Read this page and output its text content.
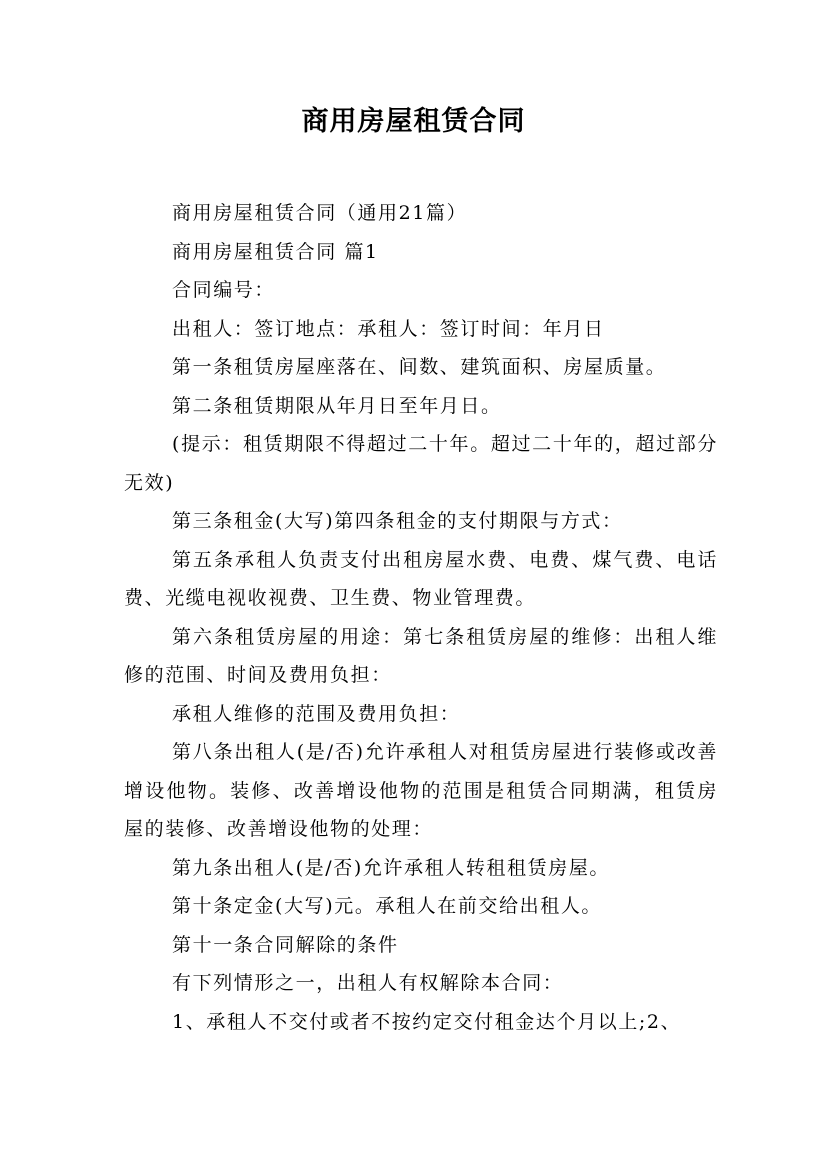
商用房屋租赁合同

商用房屋租赁合同（通用21篇）

商用房屋租赁合同 篇1

合同编号：

出租人：签订地点：承租人：签订时间：年月日

第一条租赁房屋座落在、间数、建筑面积、房屋质量。

第二条租赁期限从年月日至年月日。

(提示：租赁期限不得超过二十年。超过二十年的，超过部分无效)

第三条租金(大写)第四条租金的支付期限与方式：

第五条承租人负责支付出租房屋水费、电费、煤气费、电话费、光缆电视收视费、卫生费、物业管理费。

第六条租赁房屋的用途：第七条租赁房屋的维修：出租人维修的范围、时间及费用负担：

承租人维修的范围及费用负担：

第八条出租人(是/否)允许承租人对租赁房屋进行装修或改善增设他物。装修、改善增设他物的范围是租赁合同期满，租赁房屋的装修、改善增设他物的处理：

第九条出租人(是/否)允许承租人转租租赁房屋。

第十条定金(大写)元。承租人在前交给出租人。

第十一条合同解除的条件

有下列情形之一，出租人有权解除本合同：

1、承租人不交付或者不按约定交付租金达个月以上;2、
